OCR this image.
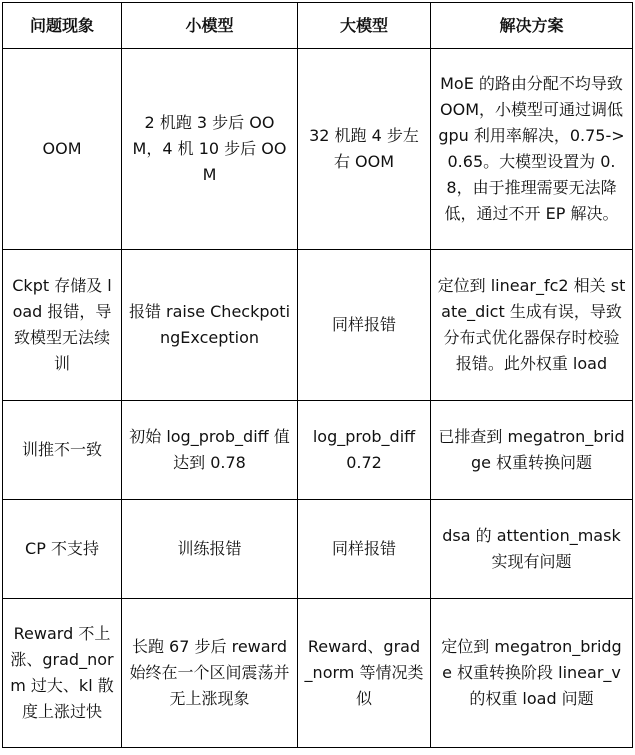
问题现象	小模型	大模型	解决方案

OOM	2 机跑 3 步后 OOM，4 机 10 步后 OOM	32 机跑 4 步左右 OOM	MoE 的路由分配不均导致 OOM，小模型可通过调低 gpu 利用率解决，0.75->0.65。大模型设置为 0.8，由于推理需要无法降低，通过不开 EP 解决。

Ckpt 存储及 load 报错，导致模型无法续训	报错 raise CheckpotingException	同样报错	定位到 linear_fc2 相关 state_dict 生成有误，导致分布式优化器保存时校验报错。此外权重 load

训推不一致	初始 log_prob_diff 值达到 0.78	log_prob_diff 0.72	已排查到 megatron_bridge 权重转换问题

CP 不支持	训练报错	同样报错	dsa 的 attention_mask 实现有问题

Reward 不上涨、grad_norm 过大、kl 散度上涨过快	长跑 67 步后 reward 始终在一个区间震荡并无上涨现象	Reward、grad_norm 等情况类似	定位到 megatron_bridge 权重转换阶段 linear_v 的权重 load 问题
